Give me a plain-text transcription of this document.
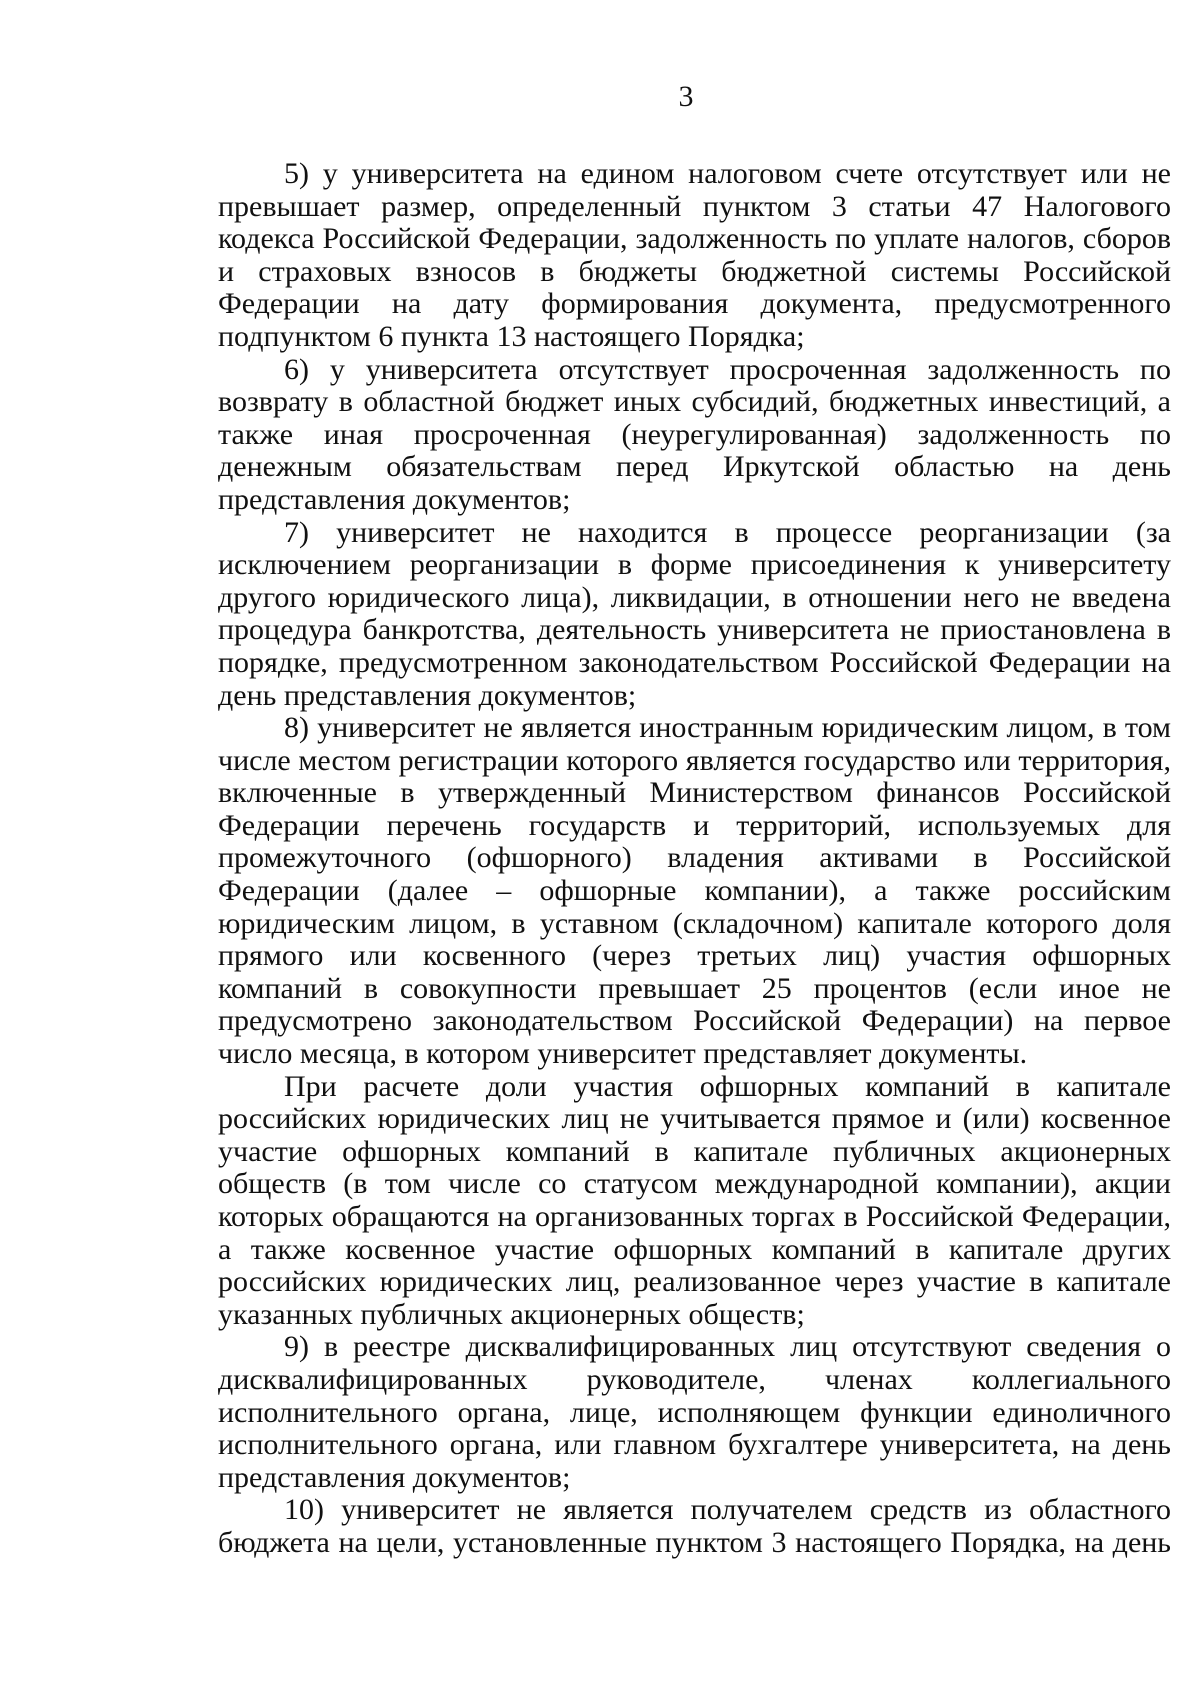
3

5) у университета на едином налоговом счете отсутствует или не превышает размер, определенный пунктом 3 статьи 47 Налогового кодекса Российской Федерации, задолженность по уплате налогов, сборов и страховых взносов в бюджеты бюджетной системы Российской Федерации на дату формирования документа, предусмотренного подпунктом 6 пункта 13 настоящего Порядка;

6) у университета отсутствует просроченная задолженность по возврату в областной бюджет иных субсидий, бюджетных инвестиций, а также иная просроченная (неурегулированная) задолженность по денежным обязательствам перед Иркутской областью на день представления документов;

7) университет не находится в процессе реорганизации (за исключением реорганизации в форме присоединения к университету другого юридического лица), ликвидации, в отношении него не введена процедура банкротства, деятельность университета не приостановлена в порядке, предусмотренном законодательством Российской Федерации на день представления документов;

8) университет не является иностранным юридическим лицом, в том числе местом регистрации которого является государство или территория, включенные в утвержденный Министерством финансов Российской Федерации перечень государств и территорий, используемых для промежуточного (офшорного) владения активами в Российской Федерации (далее – офшорные компании), а также российским юридическим лицом, в уставном (складочном) капитале которого доля прямого или косвенного (через третьих лиц) участия офшорных компаний в совокупности превышает 25 процентов (если иное не предусмотрено законодательством Российской Федерации) на первое число месяца, в котором университет представляет документы.

При расчете доли участия офшорных компаний в капитале российских юридических лиц не учитывается прямое и (или) косвенное участие офшорных компаний в капитале публичных акционерных обществ (в том числе со статусом международной компании), акции которых обращаются на организованных торгах в Российской Федерации, а также косвенное участие офшорных компаний в капитале других российских юридических лиц, реализованное через участие в капитале указанных публичных акционерных обществ;

9) в реестре дисквалифицированных лиц отсутствуют сведения о дисквалифицированных руководителе, членах коллегиального исполнительного органа, лице, исполняющем функции единоличного исполнительного органа, или главном бухгалтере университета, на день представления документов;

10) университет не является получателем средств из областного бюджета на цели, установленные пунктом 3 настоящего Порядка, на день
